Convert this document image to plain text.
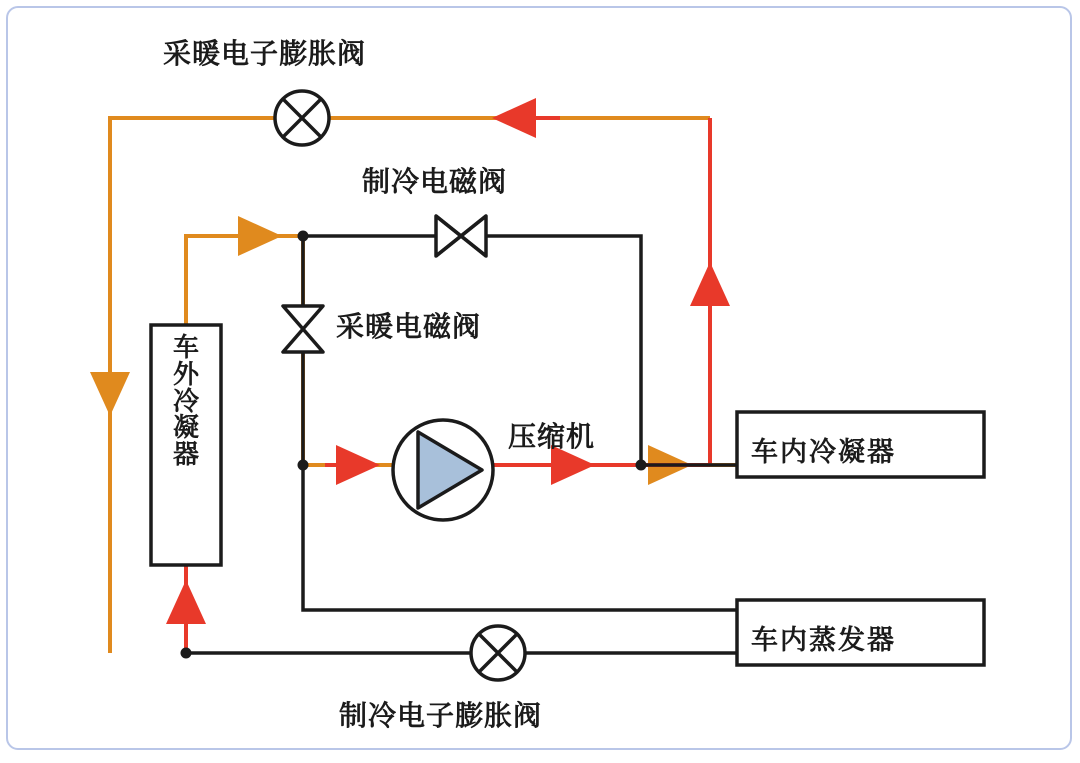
采暖电子膨胀阀
制冷电磁阀
采暖电磁阀
压缩机
制冷电子膨胀阀
车外冷凝器	车内冷凝器
车内蒸发器
